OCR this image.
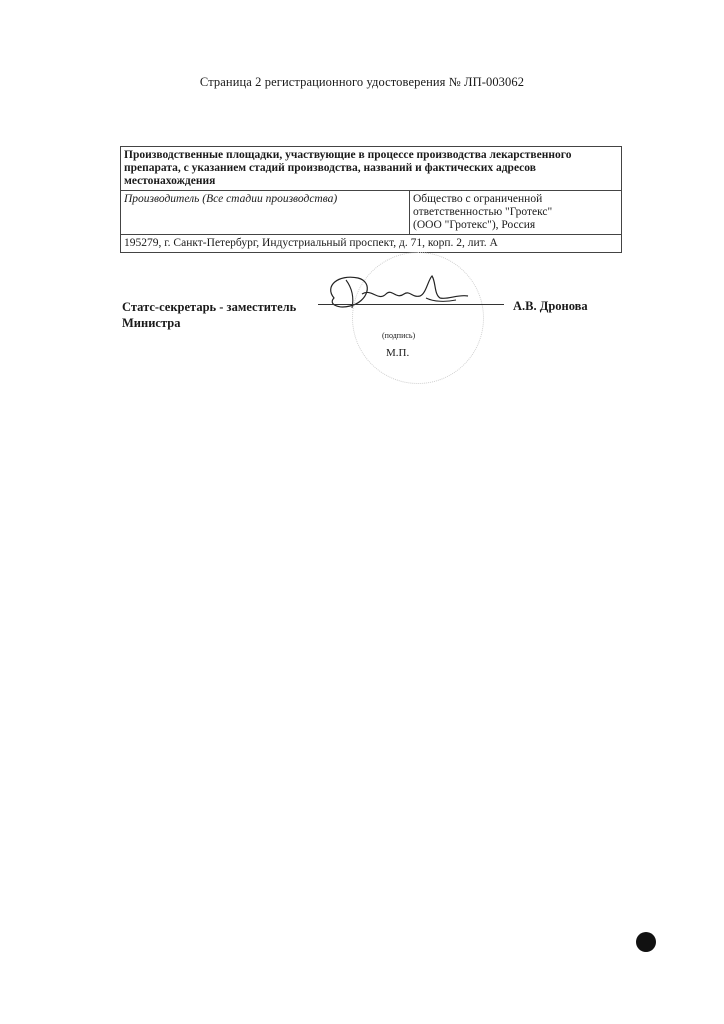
Страница 2 регистрационного удостоверения № ЛП-003062
Производственные площадки, участвующие в процессе производства лекарственного препарата, с указанием стадий производства, названий и фактических адресов местонахождения
Производитель (Все стадии производства)	Общество с ограниченной
ответственностью "Гротекс"
(ООО "Гротекс"), Россия

195279, г. Санкт-Петербург, Индустриальный проспект, д. 71, корп. 2, лит. А
Статс-секретарь - заместитель
Министра
А.В. Дронова
(подпись)
М.П.
